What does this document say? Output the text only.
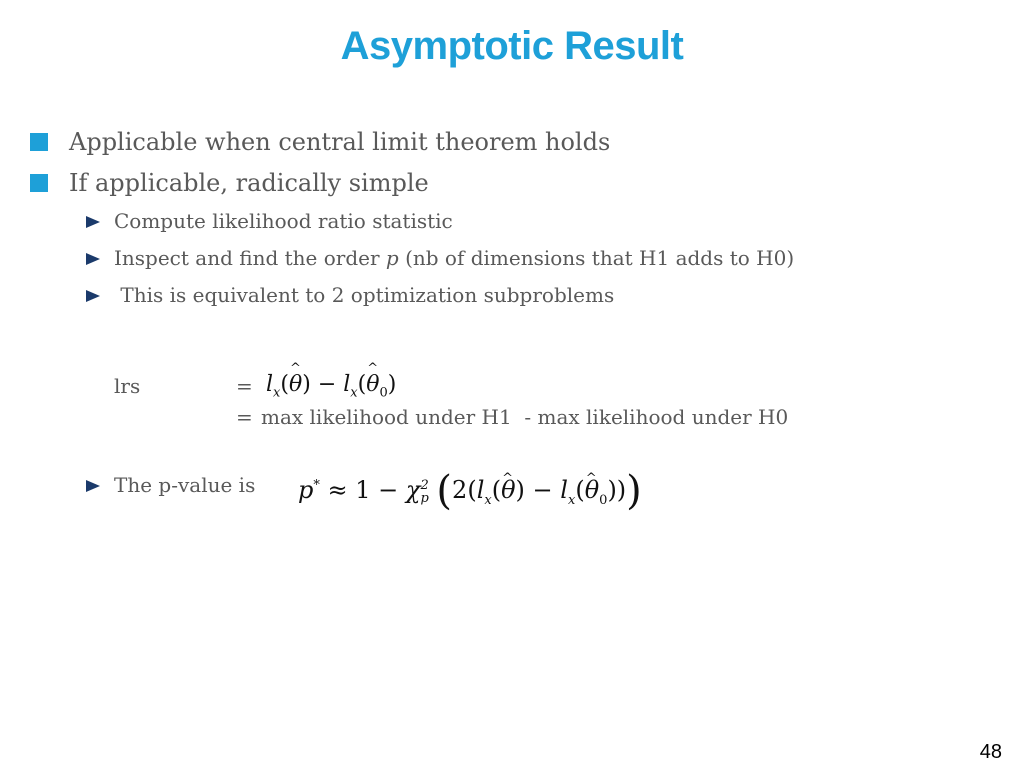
Asymptotic Result
Applicable when central limit theorem holds
If applicable, radically simple
Compute likelihood ratio statistic
Inspect and find the order p (nb of dimensions that H1 adds to H0)
This is equivalent to 2 optimization subproblems
lrs	= $l_x(\^{}$ $\theta) - l_x(\^{}$ $\theta_0$)
= max likelihood under H1  - max likelihood under H0
The p-value is p* ≈ 1 − χ 2
p ($2(l_x(\^{}$ $\theta) - l_x(\^{}$ $\theta_0$)))
48
